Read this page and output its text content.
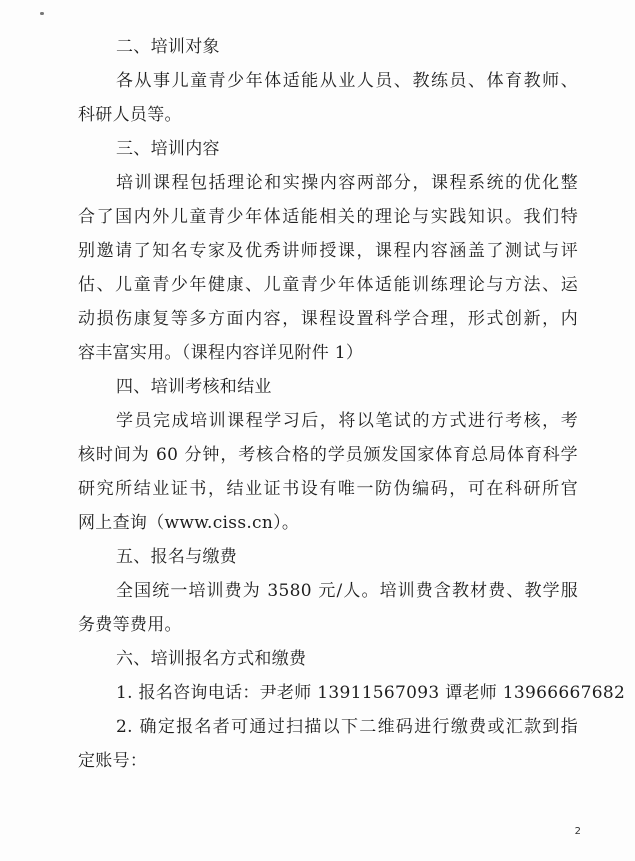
二、培训对象
各从事儿童青少年体适能从业人员、教练员、体育教师、
科研人员等。
三、培训内容
培训课程包括理论和实操内容两部分，课程系统的优化整
合了国内外儿童青少年体适能相关的理论与实践知识。我们特
别邀请了知名专家及优秀讲师授课，课程内容涵盖了测试与评
估、儿童青少年健康、儿童青少年体适能训练理论与方法、运
动损伤康复等多方面内容，课程设置科学合理，形式创新，内
容丰富实用。（课程内容详见附件 1）
四、培训考核和结业
学员完成培训课程学习后，将以笔试的方式进行考核，考
核时间为 60 分钟，考核合格的学员颁发国家体育总局体育科学
研究所结业证书，结业证书设有唯一防伪编码，可在科研所官
网上查询（www.ciss.cn）。
五、报名与缴费
全国统一培训费为 3580 元/人。培训费含教材费、教学服
务费等费用。
六、培训报名方式和缴费
1. 报名咨询电话：尹老师 13911567093 谭老师 13966667682
2. 确定报名者可通过扫描以下二维码进行缴费或汇款到指
定账号：
2
